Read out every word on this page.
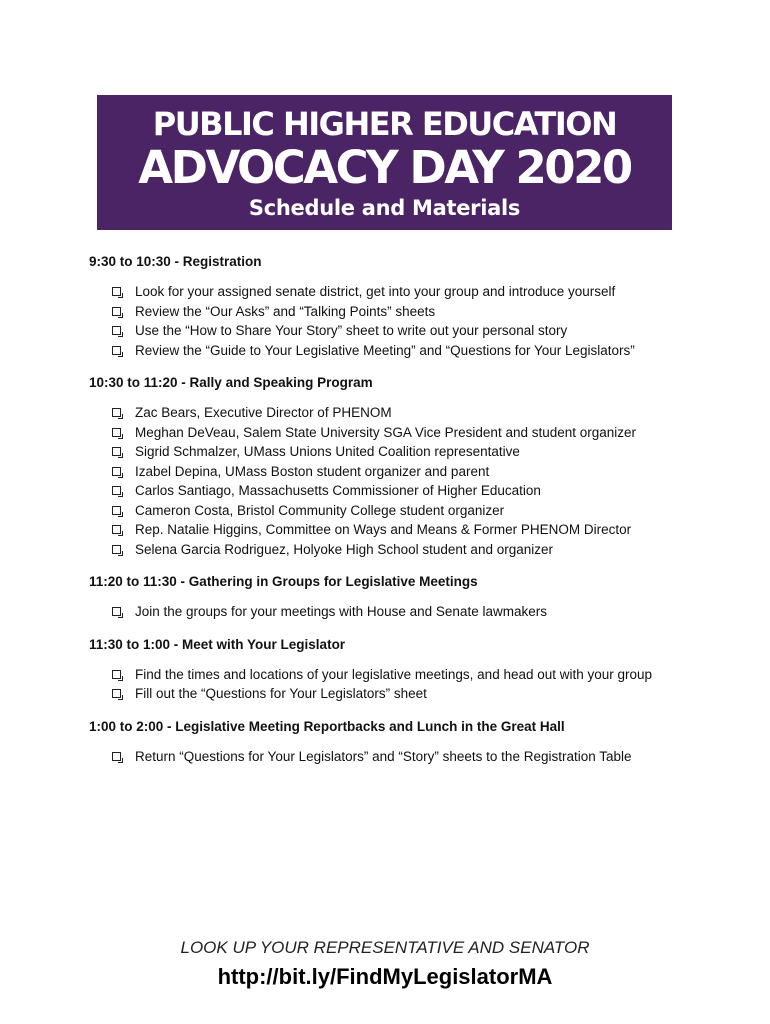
PUBLIC HIGHER EDUCATION
ADVOCACY DAY 2020
Schedule and Materials
9:30 to 10:30 - Registration
Look for your assigned senate district, get into your group and introduce yourself
Review the “Our Asks” and “Talking Points” sheets
Use the “How to Share Your Story” sheet to write out your personal story
Review the “Guide to Your Legislative Meeting” and “Questions for Your Legislators”
10:30 to 11:20 - Rally and Speaking Program
Zac Bears, Executive Director of PHENOM
Meghan DeVeau, Salem State University SGA Vice President and student organizer
Sigrid Schmalzer, UMass Unions United Coalition representative
Izabel Depina, UMass Boston student organizer and parent
Carlos Santiago, Massachusetts Commissioner of Higher Education
Cameron Costa, Bristol Community College student organizer
Rep. Natalie Higgins, Committee on Ways and Means & Former PHENOM Director
Selena Garcia Rodriguez, Holyoke High School student and organizer
11:20 to 11:30 - Gathering in Groups for Legislative Meetings
Join the groups for your meetings with House and Senate lawmakers
11:30 to 1:00 - Meet with Your Legislator
Find the times and locations of your legislative meetings, and head out with your group
Fill out the “Questions for Your Legislators” sheet
1:00 to 2:00 - Legislative Meeting Reportbacks and Lunch in the Great Hall
Return “Questions for Your Legislators” and “Story” sheets to the Registration Table
LOOK UP YOUR REPRESENTATIVE AND SENATOR
http://bit.ly/FindMyLegislatorMA
